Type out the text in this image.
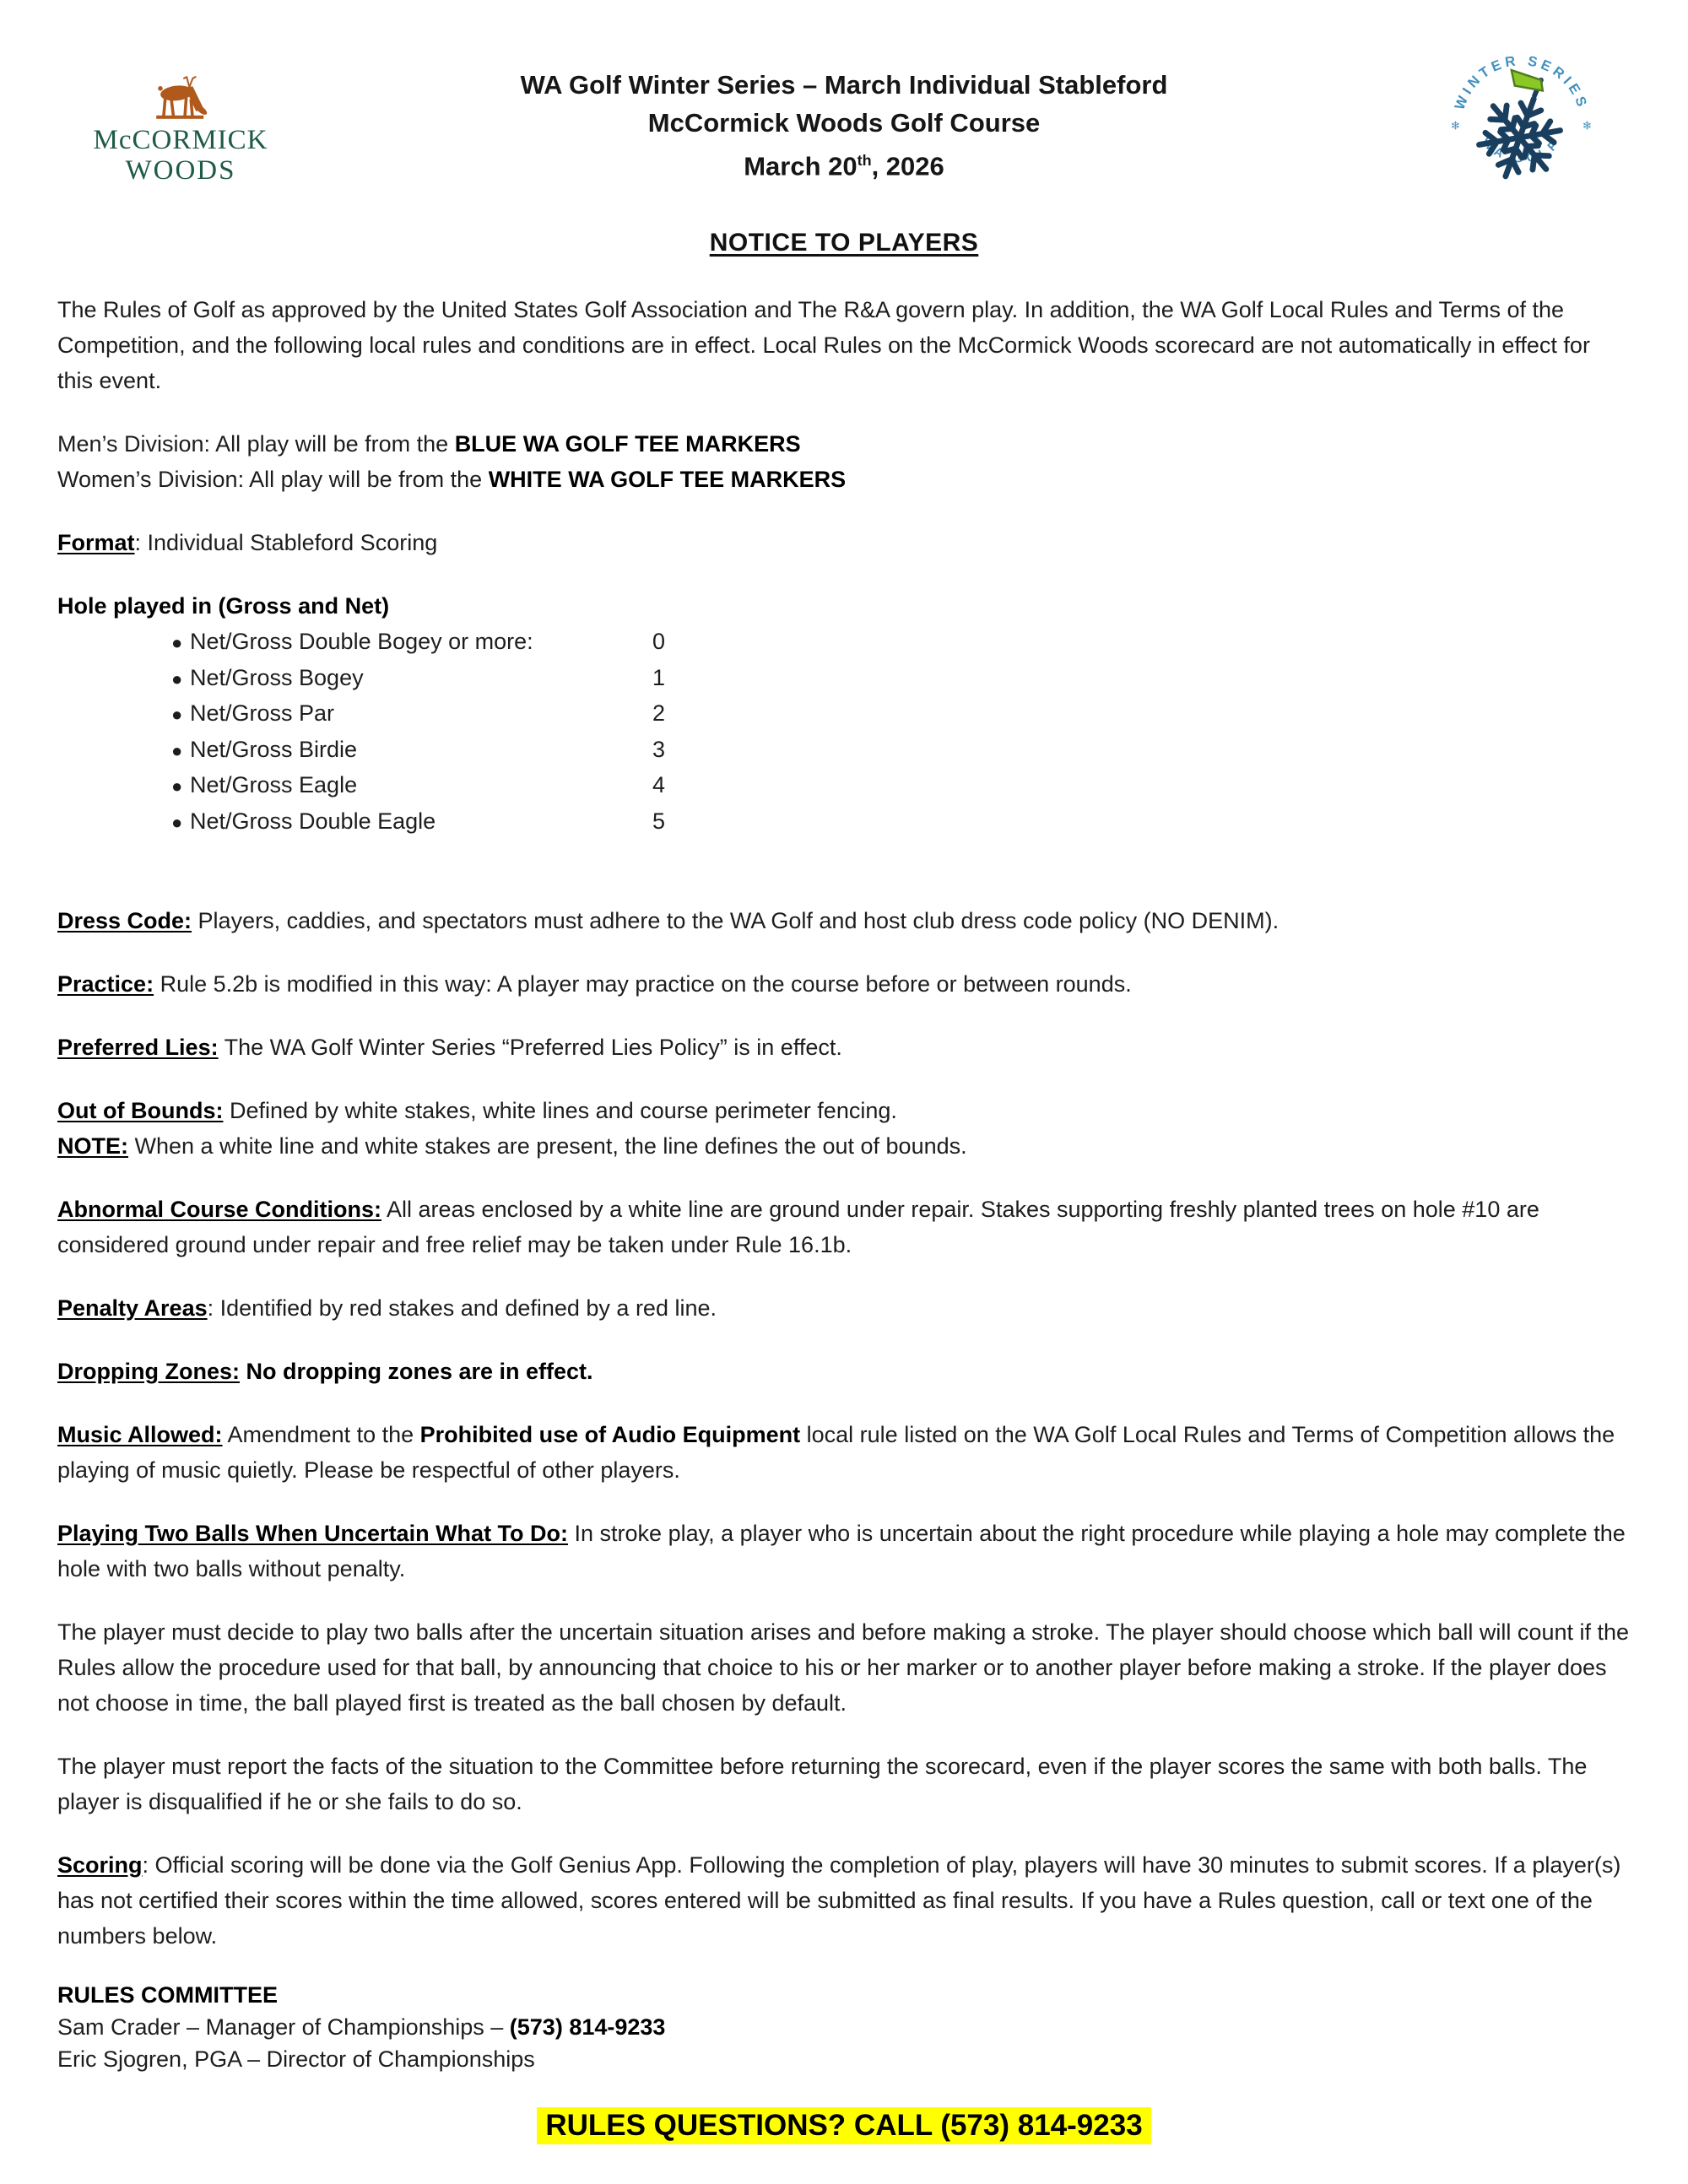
McCORMICK
WOODS
WA Golf Winter Series – March Individual Stableford
McCormick Woods Golf Course
March 20th, 2026
WINTER SERIES
WA GOLF
❄	❄
NOTICE TO PLAYERS

The Rules of Golf as approved by the United States Golf Association and The R&A govern play. In addition, the WA Golf Local Rules and Terms of the Competition, and the following local rules and conditions are in effect. Local Rules on the McCormick Woods scorecard are not automatically in effect for this event.

Men’s Division: All play will be from the BLUE WA GOLF TEE MARKERS
Women’s Division: All play will be from the WHITE WA GOLF TEE MARKERS

Format: Individual Stableford Scoring

Hole played in (Gross and Net)
● Net/Gross Double Bogey or more:	0
● Net/Gross Bogey	1
● Net/Gross Par	2
● Net/Gross Birdie	3
● Net/Gross Eagle	4
● Net/Gross Double Eagle	5

Dress Code: Players, caddies, and spectators must adhere to the WA Golf and host club dress code policy (NO DENIM).

Practice: Rule 5.2b is modified in this way: A player may practice on the course before or between rounds.

Preferred Lies: The WA Golf Winter Series “Preferred Lies Policy” is in effect.

Out of Bounds: Defined by white stakes, white lines and course perimeter fencing.
NOTE: When a white line and white stakes are present, the line defines the out of bounds.

Abnormal Course Conditions: All areas enclosed by a white line are ground under repair. Stakes supporting freshly planted trees on hole #10 are considered ground under repair and free relief may be taken under Rule 16.1b.

Penalty Areas: Identified by red stakes and defined by a red line.

Dropping Zones: No dropping zones are in effect.

Music Allowed: Amendment to the Prohibited use of Audio Equipment local rule listed on the WA Golf Local Rules and Terms of Competition allows the playing of music quietly. Please be respectful of other players.

Playing Two Balls When Uncertain What To Do: In stroke play, a player who is uncertain about the right procedure while playing a hole may complete the hole with two balls without penalty.

The player must decide to play two balls after the uncertain situation arises and before making a stroke. The player should choose which ball will count if the Rules allow the procedure used for that ball, by announcing that choice to his or her marker or to another player before making a stroke. If the player does not choose in time, the ball played first is treated as the ball chosen by default.

The player must report the facts of the situation to the Committee before returning the scorecard, even if the player scores the same with both balls. The player is disqualified if he or she fails to do so.

Scoring: Official scoring will be done via the Golf Genius App. Following the completion of play, players will have 30 minutes to submit scores. If a player(s) has not certified their scores within the time allowed, scores entered will be submitted as final results. If you have a Rules question, call or text one of the numbers below.

RULES COMMITTEE
Sam Crader – Manager of Championships – (573) 814-9233
Eric Sjogren, PGA – Director of Championships
RULES QUESTIONS? CALL (573) 814-9233
